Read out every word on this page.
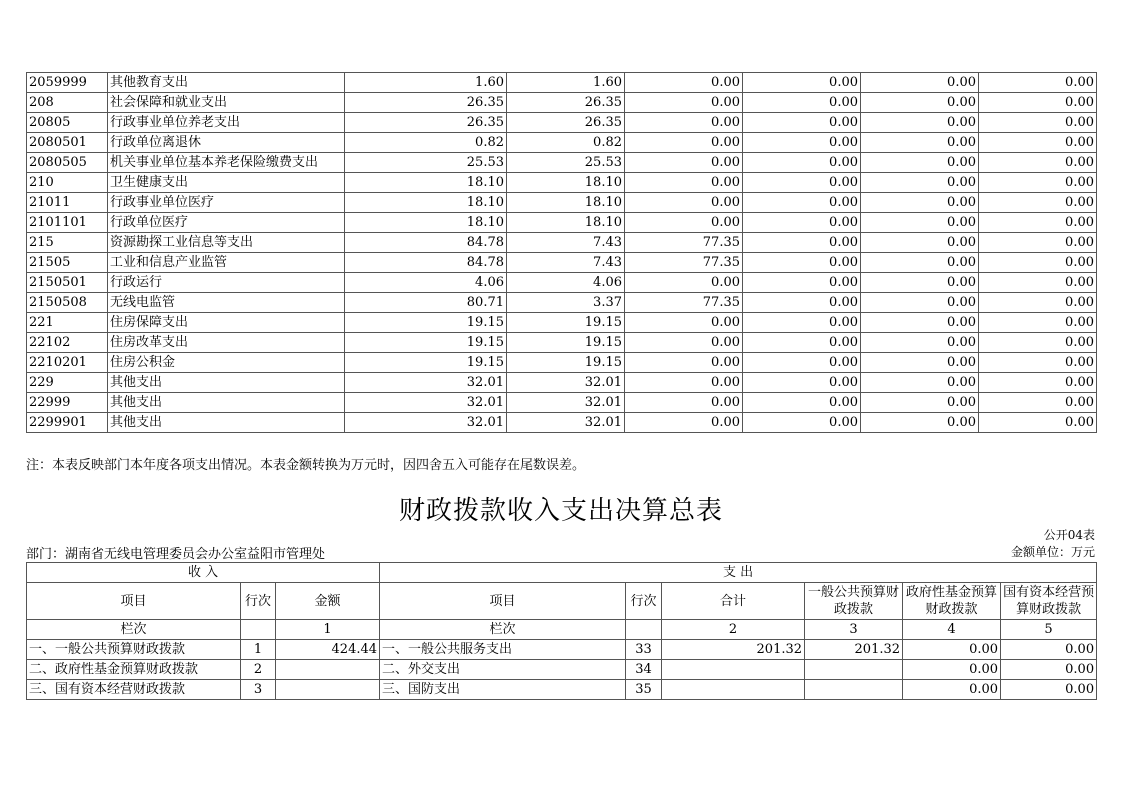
2059999	其他教育支出	1.60	1.60	0.00	0.00	0.00	0.00
208	社会保障和就业支出	26.35	26.35	0.00	0.00	0.00	0.00
20805	行政事业单位养老支出	26.35	26.35	0.00	0.00	0.00	0.00
2080501	行政单位离退休	0.82	0.82	0.00	0.00	0.00	0.00
2080505	机关事业单位基本养老保险缴费支出	25.53	25.53	0.00	0.00	0.00	0.00
210	卫生健康支出	18.10	18.10	0.00	0.00	0.00	0.00
21011	行政事业单位医疗	18.10	18.10	0.00	0.00	0.00	0.00
2101101	行政单位医疗	18.10	18.10	0.00	0.00	0.00	0.00
215	资源勘探工业信息等支出	84.78	7.43	77.35	0.00	0.00	0.00
21505	工业和信息产业监管	84.78	7.43	77.35	0.00	0.00	0.00
2150501	行政运行	4.06	4.06	0.00	0.00	0.00	0.00
2150508	无线电监管	80.71	3.37	77.35	0.00	0.00	0.00
221	住房保障支出	19.15	19.15	0.00	0.00	0.00	0.00
22102	住房改革支出	19.15	19.15	0.00	0.00	0.00	0.00
2210201	住房公积金	19.15	19.15	0.00	0.00	0.00	0.00
229	其他支出	32.01	32.01	0.00	0.00	0.00	0.00
22999	其他支出	32.01	32.01	0.00	0.00	0.00	0.00
2299901	其他支出	32.01	32.01	0.00	0.00	0.00	0.00
注：本表反映部门本年度各项支出情况。本表金额转换为万元时，因四舍五入可能存在尾数误差。
财政拨款收入支出决算总表
公开04表
部门：湖南省无线电管理委员会办公室益阳市管理处	金额单位：万元
收 入			支 出					
项目	行次	金额	项目	行次	合计	一般公共预算财政拨款	政府性基金预算财政拨款	国有资本经营预算财政拨款
栏次		1	栏次		2	3	4	5
一、一般公共预算财政拨款	1	424.44	一、一般公共服务支出	33	201.32	201.32	0.00	0.00
二、政府性基金预算财政拨款	2		二、外交支出	34			0.00	0.00
三、国有资本经营财政拨款	3		三、国防支出	35			0.00	0.00
